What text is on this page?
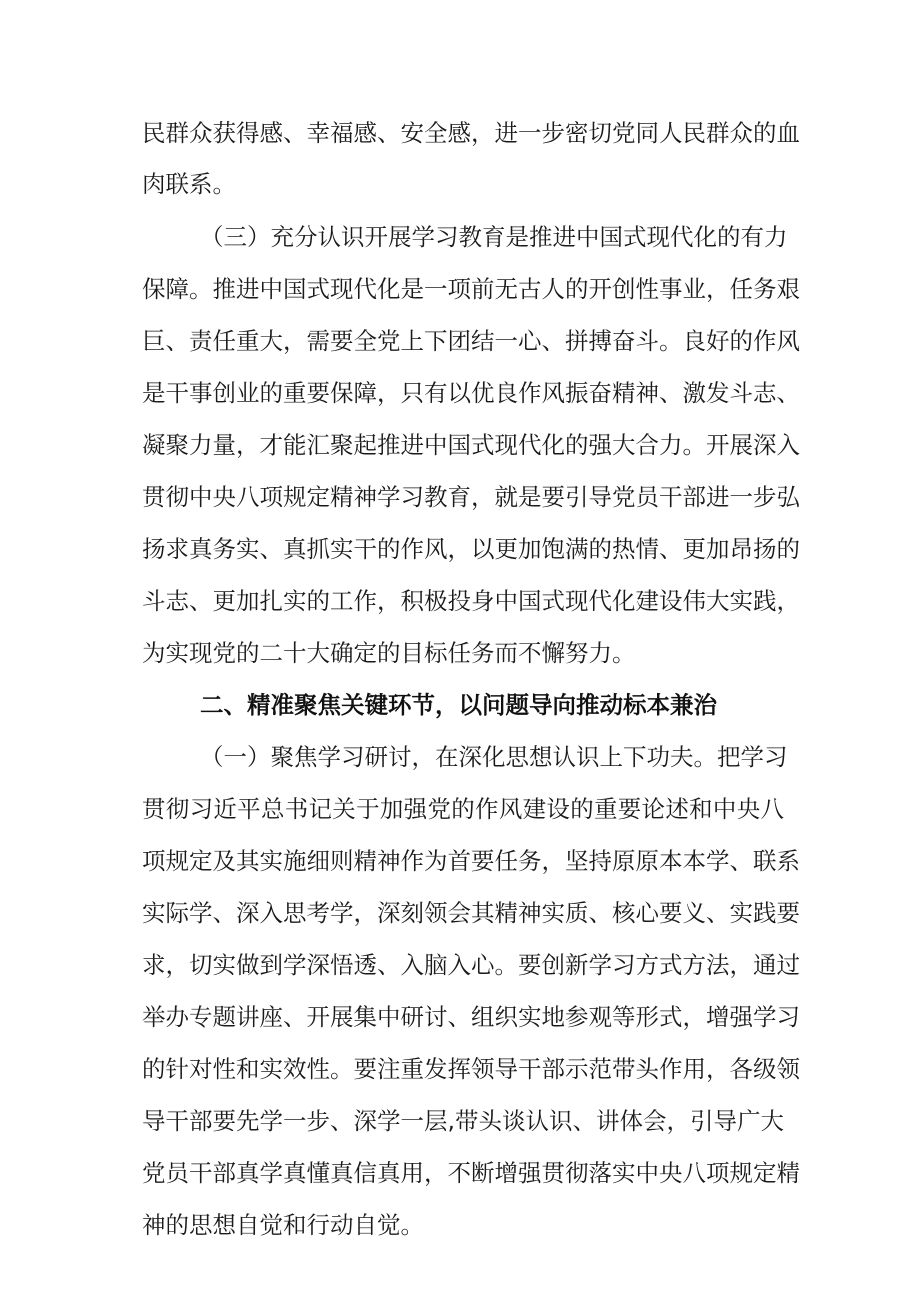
民群众获得感、幸福感、安全感，进一步密切党同人民群众的血
肉联系。
（三）充分认识开展学习教育是推进中国式现代化的有力
保障。推进中国式现代化是一项前无古人的开创性事业，任务艰
巨、责任重大，需要全党上下团结一心、拼搏奋斗。良好的作风
是干事创业的重要保障，只有以优良作风振奋精神、激发斗志、
凝聚力量，才能汇聚起推进中国式现代化的强大合力。开展深入
贯彻中央八项规定精神学习教育，就是要引导党员干部进一步弘
扬求真务实、真抓实干的作风，以更加饱满的热情、更加昂扬的
斗志、更加扎实的工作，积极投身中国式现代化建设伟大实践，
为实现党的二十大确定的目标任务而不懈努力。
二、精准聚焦关键环节，以问题导向推动标本兼治
（一）聚焦学习研讨，在深化思想认识上下功夫。把学习
贯彻习近平总书记关于加强党的作风建设的重要论述和中央八
项规定及其实施细则精神作为首要任务，坚持原原本本学、联系
实际学、深入思考学，深刻领会其精神实质、核心要义、实践要
求，切实做到学深悟透、入脑入心。要创新学习方式方法，通过
举办专题讲座、开展集中研讨、组织实地参观等形式，增强学习
的针对性和实效性。要注重发挥领导干部示范带头作用，各级领
导干部要先学一步、深学一层,带头谈认识、讲体会，引导广大
党员干部真学真懂真信真用，不断增强贯彻落实中央八项规定精
神的思想自觉和行动自觉。
